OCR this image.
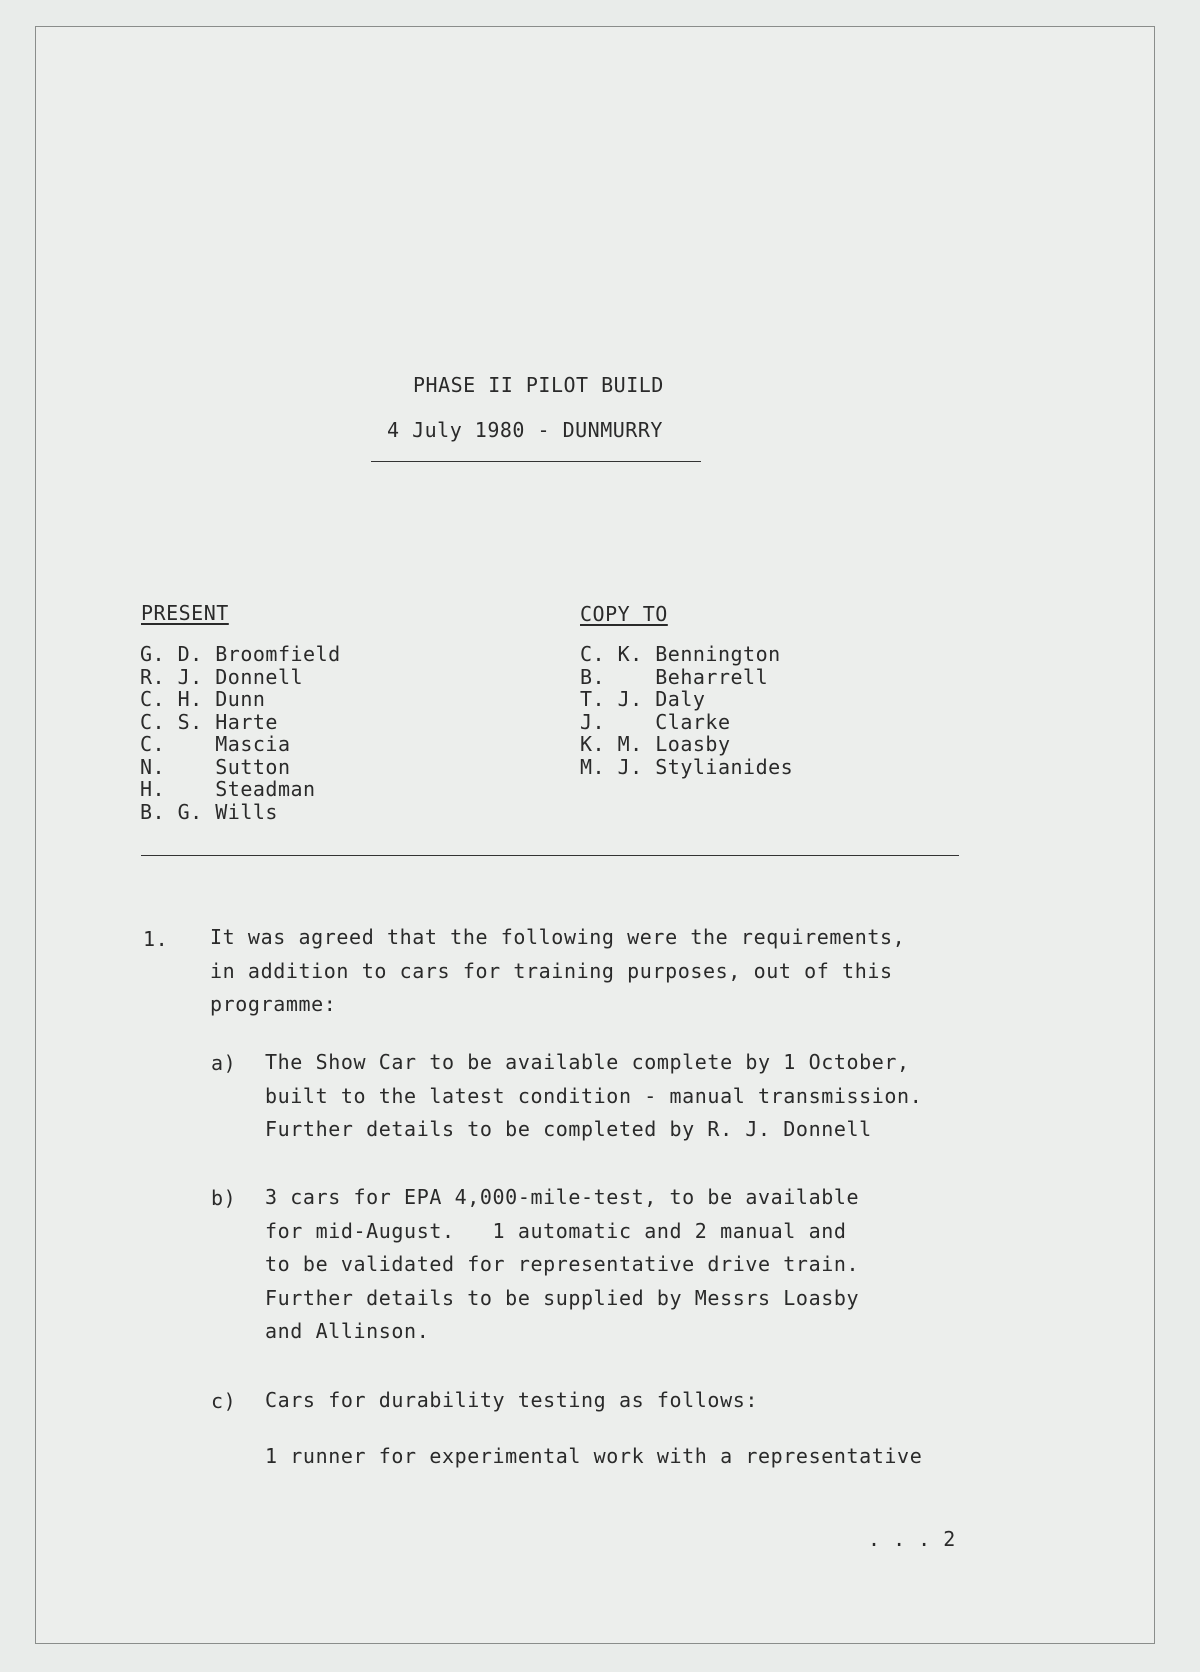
PHASE II PILOT BUILD
4 July 1980 - DUNMURRY
PRESENT
G. D. Broomfield
R. J. Donnell
C. H. Dunn
C. S. Harte
C.    Mascia
N.    Sutton
H.    Steadman
B. G. Wills
COPY TO
C. K. Bennington
B.    Beharrell
T. J. Daly
J.    Clarke
K. M. Loasby
M. J. Stylianides
1. It was agreed that the following were the requirements,
in addition to cars for training purposes, out of this
programme:
a) The Show Car to be available complete by 1 October,
built to the latest condition - manual transmission.
Further details to be completed by R. J. Donnell
b) 3 cars for EPA 4,000-mile-test, to be available
for mid-August.   1 automatic and 2 manual and
to be validated for representative drive train.
Further details to be supplied by Messrs Loasby
and Allinson.
c) Cars for durability testing as follows:
1 runner for experimental work with a representative
. . . 2
